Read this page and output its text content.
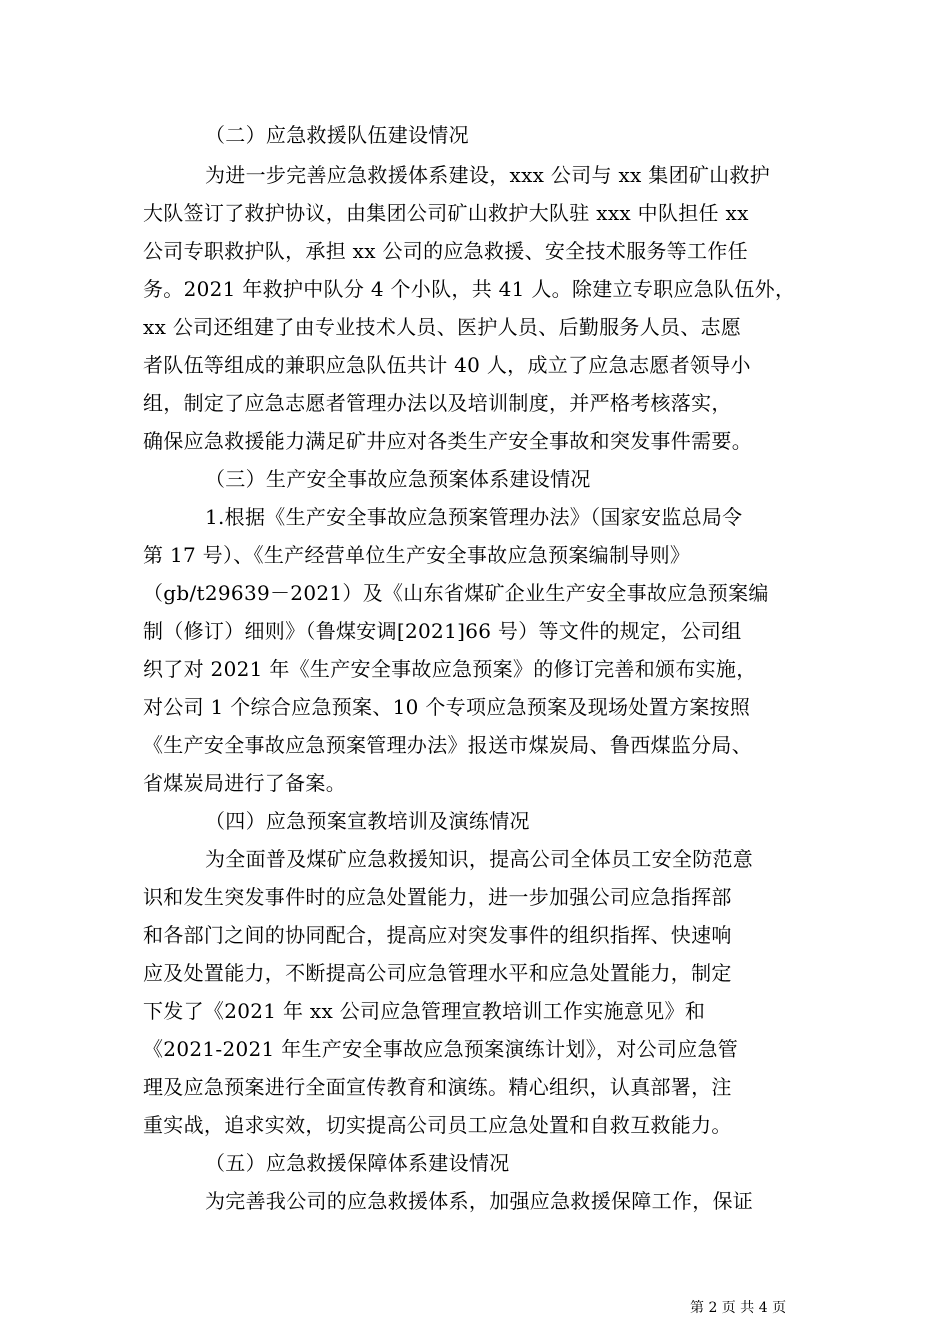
（二）应急救援队伍建设情况
为进一步完善应急救援体系建设，xxx 公司与 xx 集团矿山救护
大队签订了救护协议，由集团公司矿山救护大队驻 xxx 中队担任 xx
公司专职救护队，承担 xx 公司的应急救援、安全技术服务等工作任
务。2021 年救护中队分 4 个小队，共 41 人。除建立专职应急队伍外，
xx 公司还组建了由专业技术人员、医护人员、后勤服务人员、志愿
者队伍等组成的兼职应急队伍共计 40 人，成立了应急志愿者领导小
组，制定了应急志愿者管理办法以及培训制度，并严格考核落实，
确保应急救援能力满足矿井应对各类生产安全事故和突发事件需要。
（三）生产安全事故应急预案体系建设情况
1.根据《生产安全事故应急预案管理办法》（国家安监总局令
第 17 号）、《生产经营单位生产安全事故应急预案编制导则》
（gb/t29639－2021）及《山东省煤矿企业生产安全事故应急预案编
制（修订）细则》（鲁煤安调[2021]66 号）等文件的规定，公司组
织了对 2021 年《生产安全事故应急预案》的修订完善和颁布实施，
对公司 1 个综合应急预案、10 个专项应急预案及现场处置方案按照
《生产安全事故应急预案管理办法》报送市煤炭局、鲁西煤监分局、
省煤炭局进行了备案。
（四）应急预案宣教培训及演练情况
为全面普及煤矿应急救援知识，提高公司全体员工安全防范意
识和发生突发事件时的应急处置能力，进一步加强公司应急指挥部
和各部门之间的协同配合，提高应对突发事件的组织指挥、快速响
应及处置能力，不断提高公司应急管理水平和应急处置能力，制定
下发了《2021 年 xx 公司应急管理宣教培训工作实施意见》和
《2021-2021 年生产安全事故应急预案演练计划》，对公司应急管
理及应急预案进行全面宣传教育和演练。精心组织，认真部署，注
重实战，追求实效，切实提高公司员工应急处置和自救互救能力。
（五）应急救援保障体系建设情况
为完善我公司的应急救援体系，加强应急救援保障工作，保证
第 2 页 共 4 页
